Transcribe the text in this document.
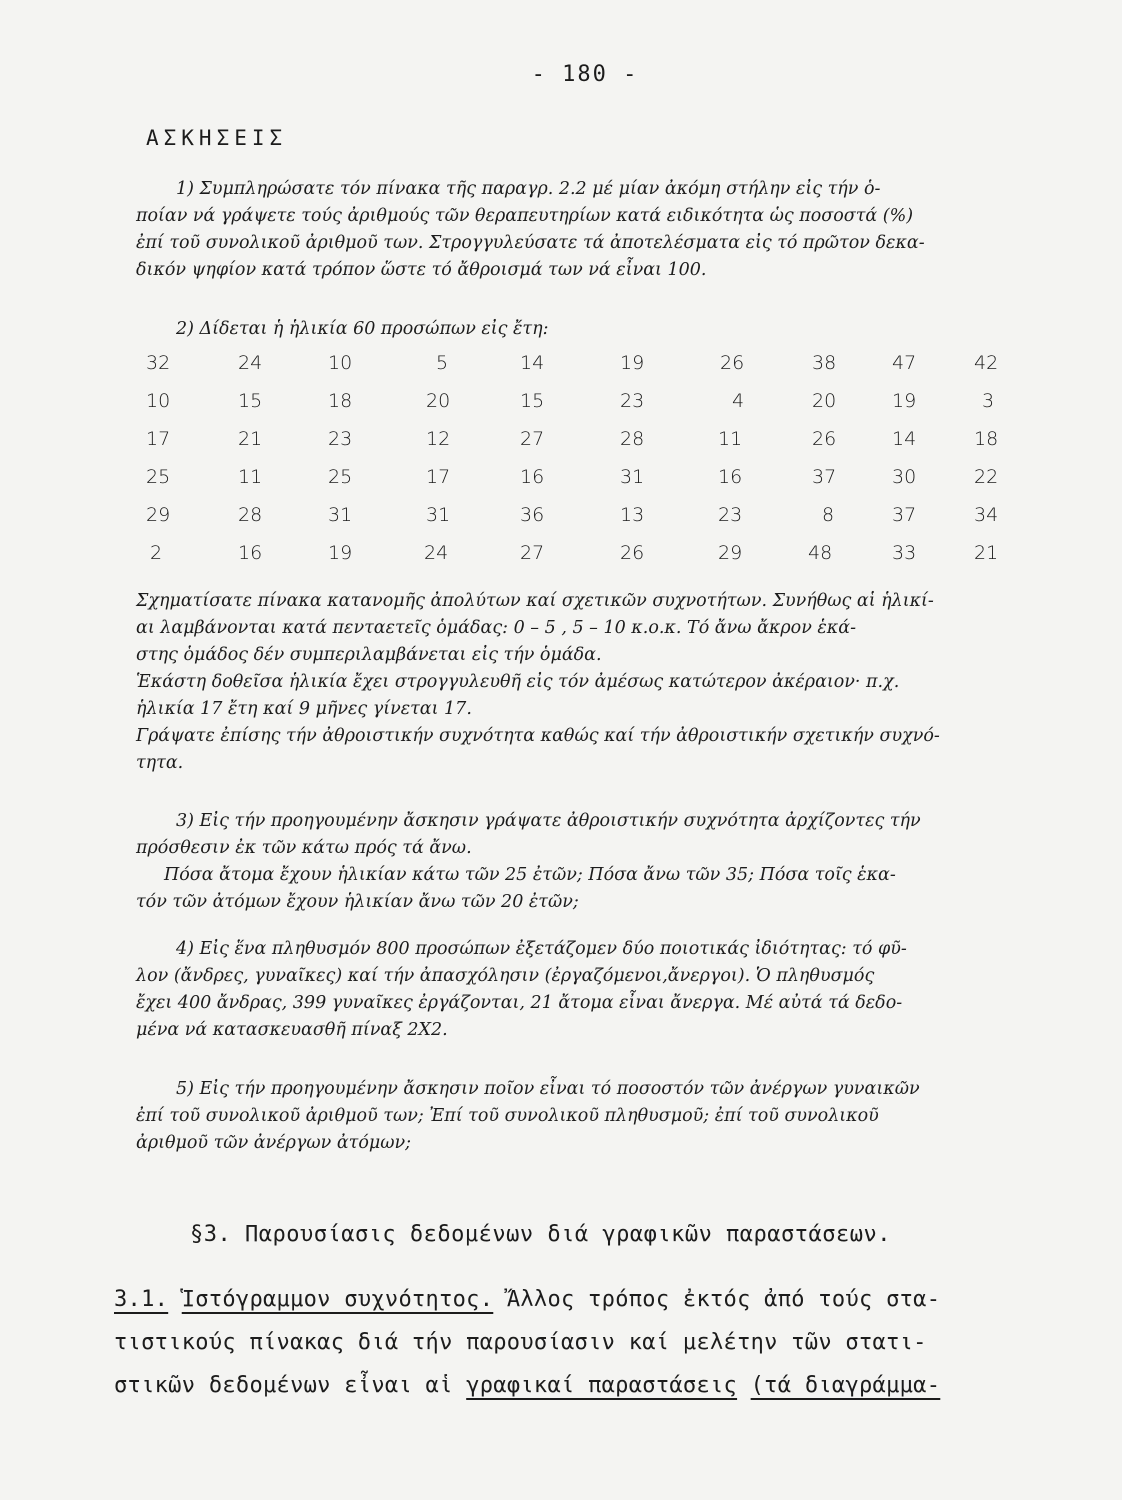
- 180 -
ΑΣΚΗΣΕΙΣ
1) Συμπληρώσατε τόν πίνακα τῆς παραγρ. 2.2 μέ μίαν ἀκόμη στήλην εἰς τήν ὁ-
ποίαν νά γράψετε τούς ἀριθμούς τῶν θεραπευτηρίων κατά ειδικότητα ὡς ποσοστά (%)
ἐπί τοῦ συνολικοῦ ἀριθμοῦ των. Στρογγυλεύσατε τά ἀποτελέσματα εἰς τό πρῶτον δεκα-
δικόν ψηφίον κατά τρόπον ὥστε τό ἄθροισμά των νά εἶναι 100.
2) Δίδεται ἡ ἡλικία 60 προσώπων εἰς ἔτη:
32	24	10	5	14	19	26	38	47	42
10	15	18	20	15	23	4	20	19	3
17	21	23	12	27	28	11	26	14	18
25	11	25	17	16	31	16	37	30	22
29	28	31	31	36	13	23	8	37	34
2	16	19	24	27	26	29	48	33	21
Σχηματίσατε πίνακα κατανομῆς ἀπολύτων καί σχετικῶν συχνοτήτων. Συνήθως αἱ ἡλικί-
αι λαμβάνονται κατά πενταετεῖς ὁμάδας: 0 – 5 , 5 – 10 κ.ο.κ. Τό ἄνω ἄκρον ἑκά-
στης ὁμάδος δέν συμπεριλαμβάνεται εἰς τήν ὁμάδα.
Ἑκάστη δοθεῖσα ἡλικία ἔχει στρογγυλευθῆ εἰς τόν ἀμέσως κατώτερον ἀκέραιον· π.χ.
ἡλικία 17 ἔτη καί 9 μῆνες γίνεται 17.
Γράψατε ἐπίσης τήν ἀθροιστικήν συχνότητα καθώς καί τήν ἀθροιστικήν σχετικήν συχνό-
τητα.
3) Εἰς τήν προηγουμένην ἄσκησιν γράψατε ἀθροιστικήν συχνότητα ἀρχίζοντες τήν
πρόσθεσιν ἐκ τῶν κάτω πρός τά ἄνω.
Πόσα ἄτομα ἔχουν ἡλικίαν κάτω τῶν 25 ἐτῶν; Πόσα ἄνω τῶν 35; Πόσα τοῖς ἑκα-
τόν τῶν ἀτόμων ἔχουν ἡλικίαν ἄνω τῶν 20 ἐτῶν;
4) Εἰς ἕνα πληθυσμόν 800 προσώπων ἐξετάζομεν δύο ποιοτικάς ἰδιότητας: τό φῦ-
λον (ἄνδρες, γυναῖκες) καί τήν ἀπασχόλησιν (ἐργαζόμενοι,ἄνεργοι). Ὁ πληθυσμός
ἔχει 400 ἄνδρας, 399 γυναῖκες ἐργάζονται, 21 ἄτομα εἶναι ἄνεργα. Μέ αὐτά τά δεδο-
μένα νά κατασκευασθῆ πίναξ 2Χ2.
5) Εἰς τήν προηγουμένην ἄσκησιν ποῖον εἶναι τό ποσοστόν τῶν ἀνέργων γυναικῶν
ἐπί τοῦ συνολικοῦ ἀριθμοῦ των; Ἐπί τοῦ συνολικοῦ πληθυσμοῦ; ἐπί τοῦ συνολικοῦ
ἀριθμοῦ τῶν ἀνέργων ἀτόμων;
§3. Παρουσίασις δεδομένων διά γραφικῶν παραστάσεων.
3.1. Ἱστόγραμμον συχνότητος. Ἄλλος τρόπος ἐκτός ἀπό τούς στα-
τιστικούς πίνακας διά τήν παρουσίασιν καί μελέτην τῶν στατι-
στικῶν δεδομένων εἶναι αἱ γραφικαί παραστάσεις (τά διαγράμμα-
